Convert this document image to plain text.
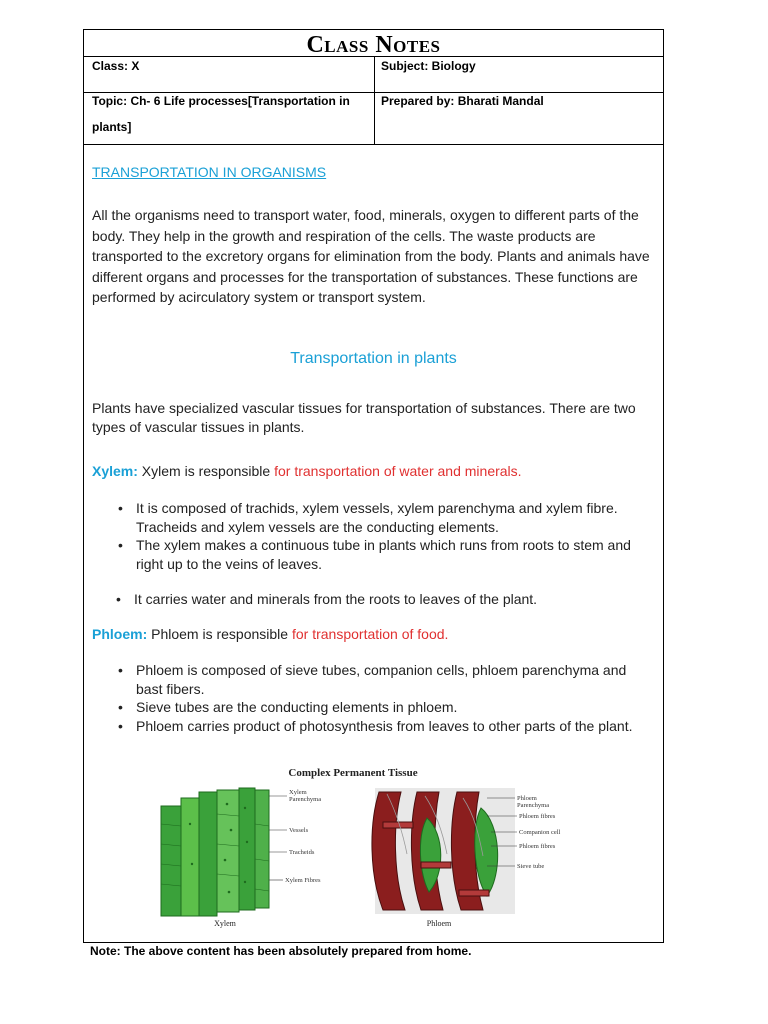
Class Notes
Class: X	Subject: Biology
Topic: Ch- 6 Life processes[Transportation in
plants]
Prepared by: Bharati Mandal
TRANSPORTATION IN ORGANISMS
All the organisms need to transport water, food, minerals, oxygen to different parts of the body. They help in the growth and respiration of the cells. The waste products are transported to the excretory organs for elimination from the body. Plants and animals have different organs and processes for the transportation of substances. These functions are performed by acirculatory system or transport system.
Transportation in plants
Plants have specialized vascular tissues for transportation of substances. There are two types of vascular tissues in plants.
Xylem: Xylem is responsible for transportation of water and minerals.
• It is composed of trachids, xylem vessels, xylem parenchyma and xylem fibre. Tracheids and xylem vessels are the conducting elements.
• The xylem makes a continuous tube in plants which runs from roots to stem and right up to the veins of leaves.
• It carries water and minerals from the roots to leaves of the plant.
Phloem: Phloem is responsible for transportation of food.
• Phloem is composed of sieve tubes, companion cells, phloem parenchyma and bast fibers.
• Sieve tubes are the conducting elements in phloem.
• Phloem carries product of photosynthesis from leaves to other parts of the plant.
Complex Permanent Tissue
Xylem
Parenchyma
Vessels
Tracheids
Xylem Fibres
Xylem
Phloem
Parenchyma
Phloem fibres
Companion cell
Phloem fibres
Sieve tube
Phloem
Note: The above content has been absolutely prepared from home.
